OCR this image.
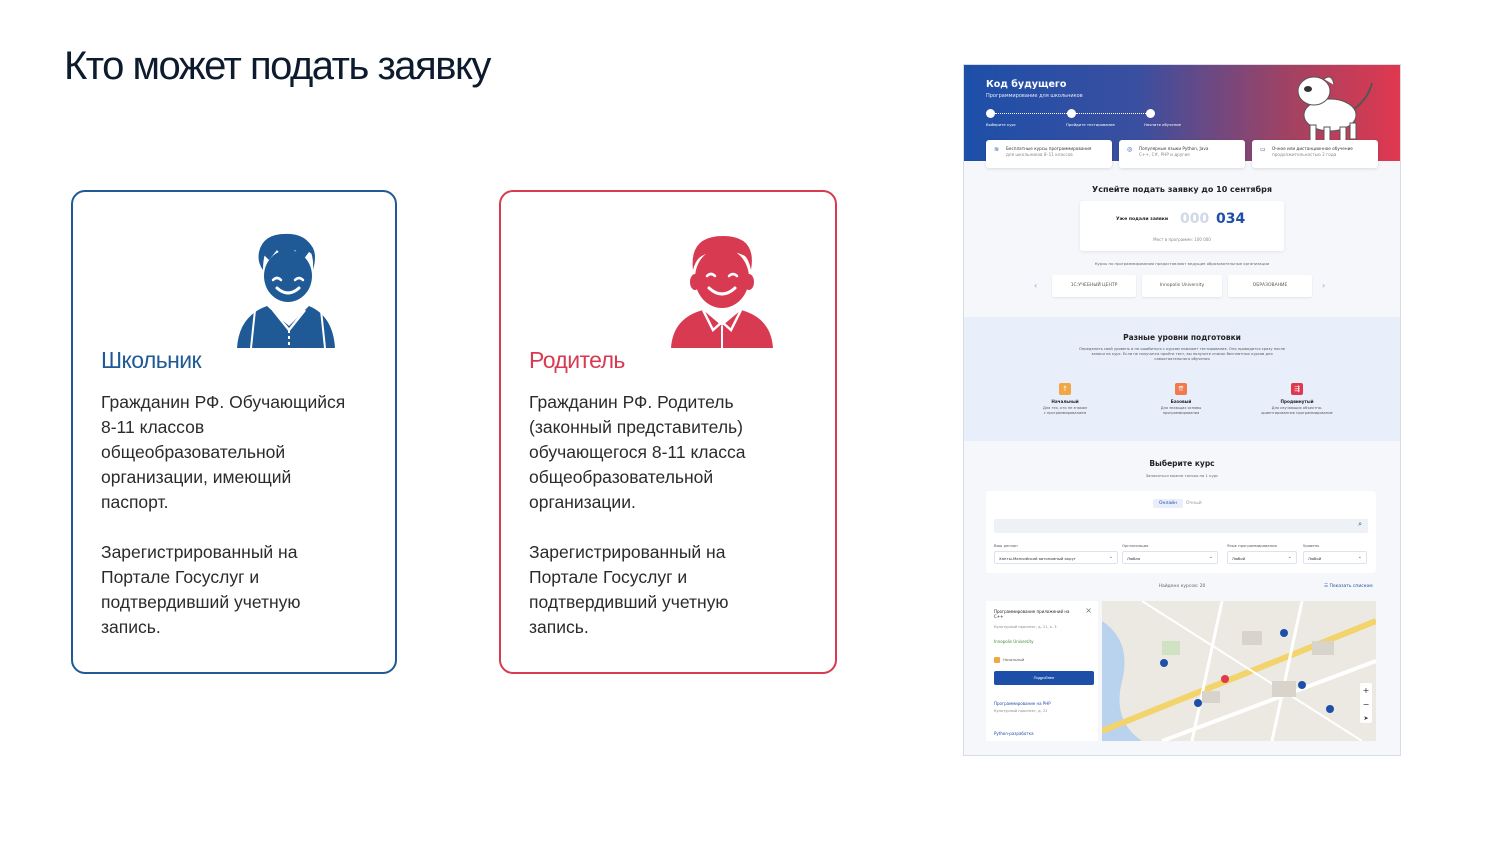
Кто может подать заявку
Школьник

Гражданин РФ. Обучающийся 8-11 классов общеобразовательной организации, имеющий паспорт.

Зарегистрированный на Портале Госуслуг и подтвердивший учетную запись.

Родитель

Гражданин РФ. Родитель (законный представитель) обучающегося 8-11 класса общеобразовательной организации.

Зарегистрированный на Портале Госуслуг и подтвердивший учетную запись.

Код будущего
Программирование для школьников
Выберите курс	Пройдите тестирование	Начните обучение
≋ Бесплатные курсы программирования
для школьников 8–11 классов
◎ Популярные языки Python, Java
C++, C#, PHP и другие
▭ Очное или дистанционное обучение
продолжительностью 2 года
Успейте подать заявку до 10 сентября
Уже подали заявки 000 034
Мест в программе: 100 000
Курсы по программированию предоставляют ведущие образовательные организации
‹	1С:УЧЕБНЫЙ ЦЕНТР	Innopolis University	ОБРАЗОВАНИЕ	›
Разные уровни подготовки
Определить свой уровень и не ошибиться с курсом поможет тестирование. Оно проводится сразу после записи на курс. Если не получится пройти тест, вы получите список бесплатных курсов для самостоятельного обучения
↑
Начальный
Для тех, кто не знаком
с программированием
⇈
Базовый
Для знающих основы
программирования
⇶
Продвинутый
Для изучающих объектно-
ориентированное программирование
Выберите курс
Записаться можно только на 1 курс
Онлайн	Очный
⌕
Ваш регион
Ханты-Мансийский автономный округ	⌄
Организация
Любая	⌄
Язык программирования
Любой	⌄
Уровень
Любой	⌄
Найдено курсов: 20	☰ Показать списком
Программирование приложений на С++
×
Культурный проспект, д. 21, к. 3
Innopolis University
Начальный
Подробнее
Программирование на PHP
Культурный проспект, д. 21
Python-разработка
+
−
➤
